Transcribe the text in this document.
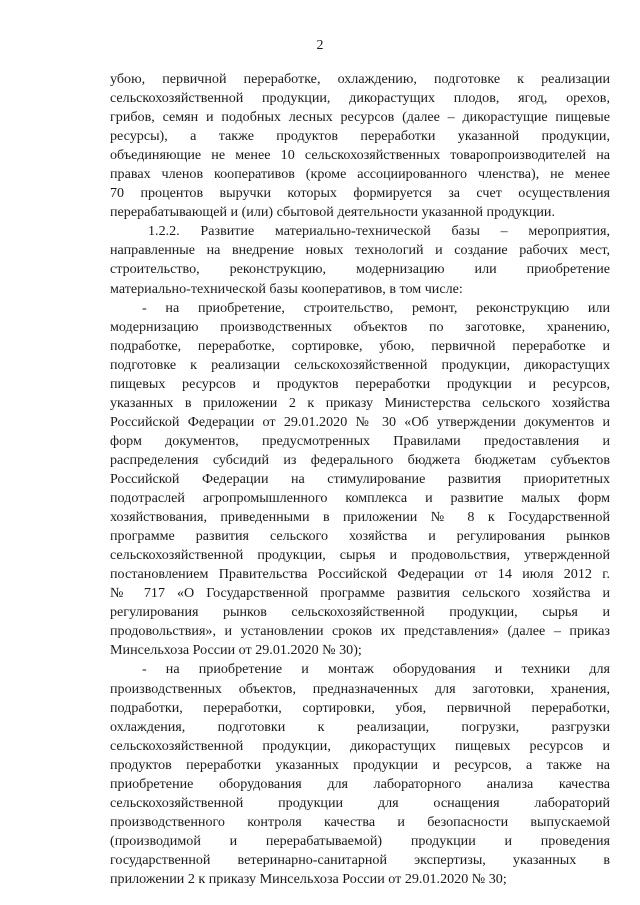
2
убою, первичной переработке, охлаждению, подготовке к реализации
сельскохозяйственной продукции, дикорастущих плодов, ягод, орехов,
грибов, семян и подобных лесных ресурсов (далее – дикорастущие пищевые
ресурсы), а также продуктов переработки указанной продукции,
объединяющие не менее 10 сельскохозяйственных товаропроизводителей на
правах членов кооперативов (кроме ассоциированного членства), не менее
70 процентов выручки которых формируется за счет осуществления
перерабатывающей и (или) сбытовой деятельности указанной продукции.
1.2.2. Развитие материально-технической базы – мероприятия,
направленные на внедрение новых технологий и создание рабочих мест,
строительство, реконструкцию, модернизацию или приобретение
материально-технической базы кооперативов, в том числе:
- на приобретение, строительство, ремонт, реконструкцию или
модернизацию производственных объектов по заготовке, хранению,
подработке, переработке, сортировке, убою, первичной переработке и
подготовке к реализации сельскохозяйственной продукции, дикорастущих
пищевых ресурсов и продуктов переработки продукции и ресурсов,
указанных в приложении 2 к приказу Министерства сельского хозяйства
Российской Федерации от 29.01.2020 № 30 «Об утверждении документов и
форм документов, предусмотренных Правилами предоставления и
распределения субсидий из федерального бюджета бюджетам субъектов
Российской Федерации на стимулирование развития приоритетных
подотраслей агропромышленного комплекса и развитие малых форм
хозяйствования, приведенными в приложении № 8 к Государственной
программе развития сельского хозяйства и регулирования рынков
сельскохозяйственной продукции, сырья и продовольствия, утвержденной
постановлением Правительства Российской Федерации от 14 июля 2012 г.
№ 717 «О Государственной программе развития сельского хозяйства и
регулирования рынков сельскохозяйственной продукции, сырья и
продовольствия», и установлении сроков их представления» (далее – приказ
Минсельхоза России от 29.01.2020 № 30);
- на приобретение и монтаж оборудования и техники для
производственных объектов, предназначенных для заготовки, хранения,
подработки, переработки, сортировки, убоя, первичной переработки,
охлаждения, подготовки к реализации, погрузки, разгрузки
сельскохозяйственной продукции, дикорастущих пищевых ресурсов и
продуктов переработки указанных продукции и ресурсов, а также на
приобретение оборудования для лабораторного анализа качества
сельскохозяйственной продукции для оснащения лабораторий
производственного контроля качества и безопасности выпускаемой
(производимой и перерабатываемой) продукции и проведения
государственной ветеринарно-санитарной экспертизы, указанных в
приложении 2 к приказу Минсельхоза России от 29.01.2020 № 30;
